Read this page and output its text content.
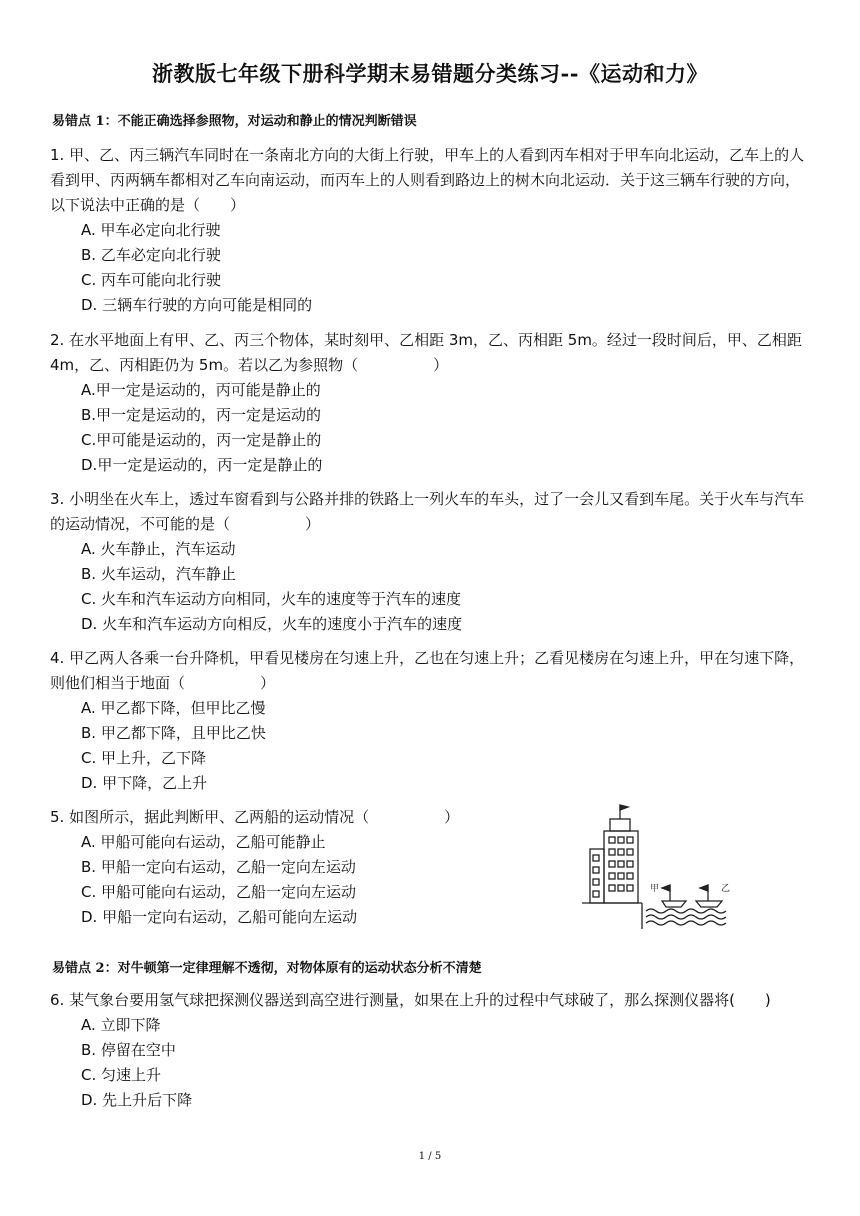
浙教版七年级下册科学期末易错题分类练习--《运动和力》
易错点 1：不能正确选择参照物，对运动和静止的情况判断错误
1. 甲、乙、丙三辆汽车同时在一条南北方向的大街上行驶，甲车上的人看到丙车相对于甲车向北运动，乙车上的人看到甲、丙两辆车都相对乙车向南运动，而丙车上的人则看到路边上的树木向北运动．关于这三辆车行驶的方向，以下说法中正确的是（　　）
A. 甲车必定向北行驶
B. 乙车必定向北行驶
C. 丙车可能向北行驶
D. 三辆车行驶的方向可能是相同的
2. 在水平地面上有甲、乙、丙三个物体，某时刻甲、乙相距 3m，乙、丙相距 5m。经过一段时间后，甲、乙相距 4m，乙、丙相距仍为 5m。若以乙为参照物（　　　　　）
A.甲一定是运动的，丙可能是静止的
B.甲一定是运动的，丙一定是运动的
C.甲可能是运动的，丙一定是静止的
D.甲一定是运动的，丙一定是静止的
3. 小明坐在火车上，透过车窗看到与公路并排的铁路上一列火车的车头，过了一会儿又看到车尾。关于火车与汽车的运动情况，不可能的是（　　　　　）
A. 火车静止，汽车运动
B. 火车运动，汽车静止
C. 火车和汽车运动方向相同，火车的速度等于汽车的速度
D. 火车和汽车运动方向相反，火车的速度小于汽车的速度
4. 甲乙两人各乘一台升降机，甲看见楼房在匀速上升，乙也在匀速上升；乙看见楼房在匀速上升，甲在匀速下降，则他们相当于地面（　　　　　）
A. 甲乙都下降，但甲比乙慢
B. 甲乙都下降，且甲比乙快
C. 甲上升，乙下降
D. 甲下降，乙上升
5. 如图所示，据此判断甲、乙两船的运动情况（　　　　　）
A. 甲船可能向右运动，乙船可能静止
B. 甲船一定向右运动，乙船一定向左运动
C. 甲船可能向右运动，乙船一定向左运动
D. 甲船一定向右运动，乙船可能向左运动
甲	乙
易错点 2：对牛顿第一定律理解不透彻，对物体原有的运动状态分析不清楚
6. 某气象台要用氢气球把探测仪器送到高空进行测量，如果在上升的过程中气球破了，那么探测仪器将(　　)
A. 立即下降
B. 停留在空中
C. 匀速上升
D. 先上升后下降
1 / 5
